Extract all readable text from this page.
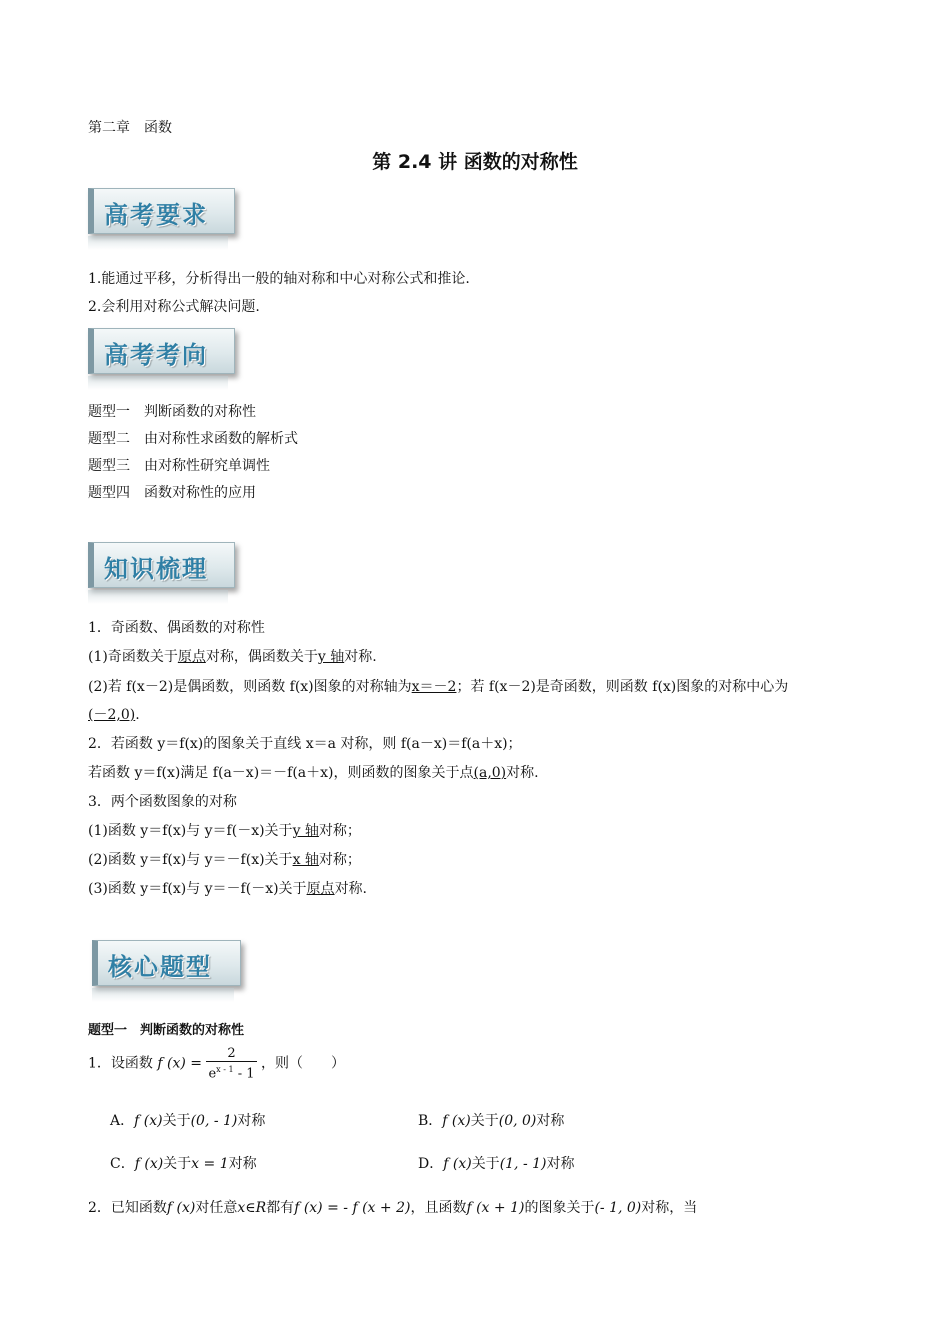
第二章　函数
第 2.4 讲 函数的对称性
高考要求
1.能通过平移，分析得出一般的轴对称和中心对称公式和推论.
2.会利用对称公式解决问题.
高考考向
题型一　判断函数的对称性
题型二　由对称性求函数的解析式
题型三　由对称性研究单调性
题型四　函数对称性的应用
知识梳理
1．奇函数、偶函数的对称性
(1)奇函数关于原点对称，偶函数关于y 轴对称.
(2)若 f(x－2)是偶函数，则函数 f(x)图象的对称轴为x＝－2；若 f(x－2)是奇函数，则函数 f(x)图象的对称中心为
(－2,0).
2．若函数 y＝f(x)的图象关于直线 x＝a 对称，则 f(a－x)＝f(a＋x)；
若函数 y＝f(x)满足 f(a－x)＝－f(a＋x)，则函数的图象关于点(a,0)对称.
3．两个函数图象的对称
(1)函数 y＝f(x)与 y＝f(－x)关于y 轴对称；
(2)函数 y＝f(x)与 y＝－f(x)关于x 轴对称；
(3)函数 y＝f(x)与 y＝－f(－x)关于原点对称.
核心题型
题型一　判断函数的对称性
1．设函数 f $(x) = \frac{2}{e^{x - 1} - 1}$ ，则（　　）
A．f (x)关于(0, - 1)对称	B．f (x)关于(0, 0)对称
C．f (x)关于x = 1对称	D．f (x)关于(1, - 1)对称
2．已知函数f (x)对任意x∈R都有f (x) = - f (x + 2)，且函数f (x + 1)的图象关于(- 1, 0)对称，当
